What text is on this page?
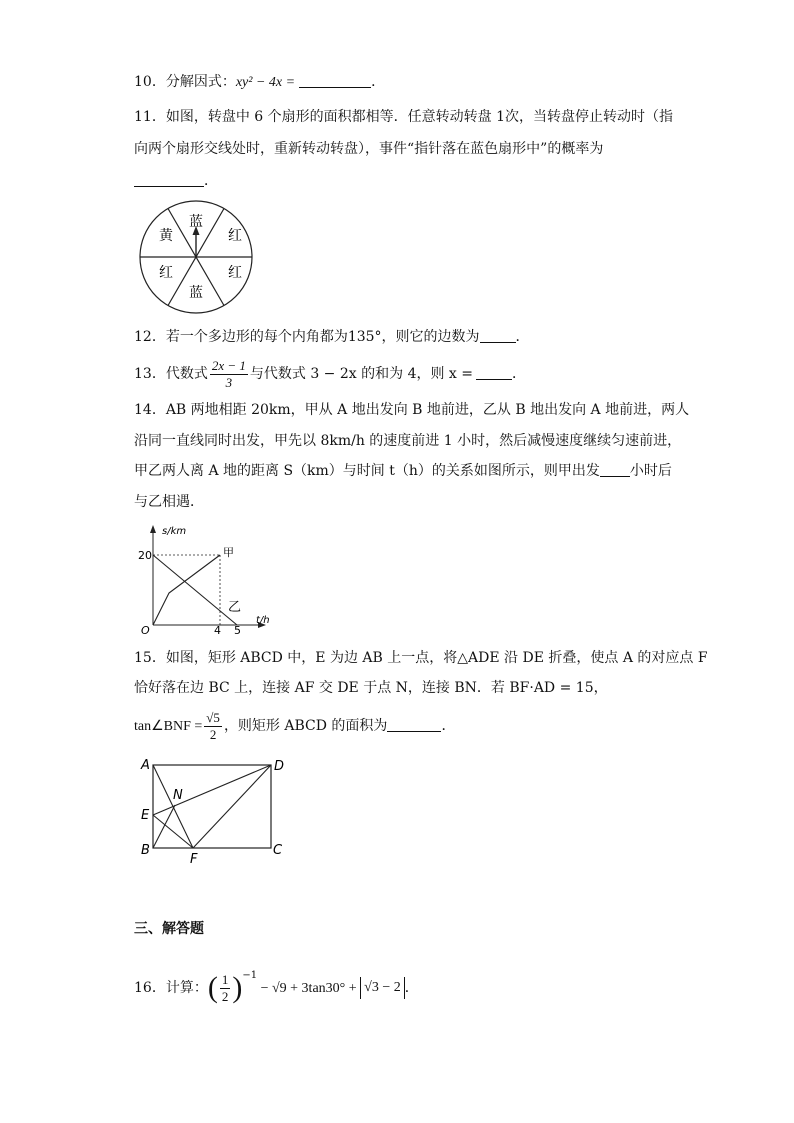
10．分解因式：xy² − 4x =	．
11．如图，转盘中 6 个扇形的面积都相等．任意转动转盘 1次，当转盘停止转动时（指
向两个扇形交线处时，重新转动转盘），事件“指针落在蓝色扇形中”的概率为
．
蓝
红
红
蓝
红
黄
12．若一个多边形的每个内角都为135°，则它的边数为	．
13．代数式 $\frac{2x - 1}{3}$ 与代数式 3 − 2x 的和为 4，则 x =	．
14．AB 两地相距 20km，甲从 A 地出发向 B 地前进，乙从 B 地出发向 A 地前进，两人
沿同一直线同时出发，甲先以 8km/h 的速度前进 1 小时，然后减慢速度继续匀速前进，
甲乙两人离 A 地的距离 S（km）与时间 t（h）的关系如图所示，则甲出发 小时后
与乙相遇．
s/km
t/h
O
20
4 5
甲
乙
15．如图，矩形 ABCD 中，E 为边 AB 上一点，将△ADE 沿 DE 折叠，使点 A 的对应点 F
恰好落在边 BC 上，连接 AF 交 DE 于点 N，连接 BN．若 BF·AD = 15，
tan∠BNF = $\frac{√5}{2}$ ，则矩形 ABCD 的面积为	．
A	D
E
N
B
F
C
三、解答题
16．计算：( $\frac{1}{2} )^{-1} - √9 + 3\tan 30^\circ + √3 - 2$ ．
